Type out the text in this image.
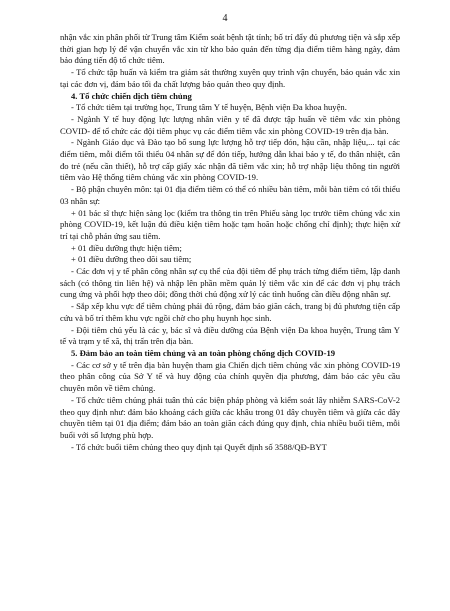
4

nhận vắc xin phân phối từ Trung tâm Kiểm soát bệnh tật tỉnh; bố trí đẩy đủ phương tiện và sắp xếp thời gian hợp lý để vận chuyển vắc xin từ kho bảo quản đến từng địa điểm tiêm hàng ngày, đảm bảo đúng tiến độ tổ chức tiêm.

- Tổ chức tập huấn và kiểm tra giám sát thường xuyên quy trình vận chuyển, bảo quản vắc xin tại các đơn vị, đảm bảo tối đa chất lượng bảo quản theo quy định.

4. Tổ chức chiến dịch tiêm chủng

- Tổ chức tiêm tại trường học, Trung tâm Y tế huyện, Bệnh viện Đa khoa huyện.

- Ngành Y tế huy động lực lượng nhân viên y tế đã được tập huấn về tiêm vắc xin phòng COVID- để tổ chức các đội tiêm phục vụ các điểm tiêm vắc xin phòng COVID-19 trên địa bàn.

- Ngành Giáo dục và Đào tạo bố sung lực lượng hỗ trợ tiếp đón, hậu cần, nhập liệu,... tại các điểm tiêm, mỗi điểm tối thiểu 04 nhân sự để đón tiếp, hướng dẫn khai báo y tế, đo thân nhiệt, cân đo trẻ (nếu cần thiết), hỗ trợ cấp giấy xác nhận đã tiêm vắc xin; hỗ trợ nhập liệu thông tin người tiêm vào Hệ thống tiêm chủng vắc xin phòng COVID-19.

- Bộ phận chuyên môn: tại 01 địa điểm tiêm có thể có nhiều bàn tiêm, mỗi bàn tiêm có tối thiểu 03 nhân sự:

+ 01 bác sĩ thực hiện sàng lọc (kiểm tra thông tin trên Phiếu sàng lọc trước tiêm chủng vắc xin phòng COVID-19, kết luận đủ điều kiện tiêm hoặc tạm hoãn hoặc chống chỉ định); thực hiện xử trí tại chỗ phản ứng sau tiêm.

+ 01 điều dưỡng thực hiện tiêm;

+ 01 điều dưỡng theo dõi sau tiêm;

- Các đơn vị y tế phân công nhân sự cụ thể của đội tiêm để phụ trách từng điểm tiêm, lập danh sách (có thông tin liên hệ) và nhập lên phần mềm quản lý tiêm vắc xin để các đơn vị phụ trách cung ứng và phối hợp theo dõi; đồng thời chủ động xử lý các tình huống cần điều động nhân sự.

- Sắp xếp khu vực để tiêm chủng phải đủ rộng, đảm bảo giãn cách, trang bị đủ phương tiện cấp cứu và bố trí thêm khu vực ngồi chờ cho phụ huynh học sinh.

- Đội tiêm chủ yếu là các y, bác sĩ và điều dưỡng của Bệnh viện Đa khoa huyện, Trung tâm Y tế và trạm y tế xã, thị trấn trên địa bàn.

5. Đảm bảo an toàn tiêm chủng và an toàn phòng chống dịch COVID-19

- Các cơ sở y tế trên địa bàn huyện tham gia Chiến dịch tiêm chủng vắc xin phòng COVID-19 theo phân công của Sở Y tế và huy động của chính quyền địa phương, đảm bảo các yêu cầu chuyên môn về tiêm chủng.

- Tổ chức tiêm chủng phải tuân thủ các biện pháp phòng và kiểm soát lây nhiễm SARS-CoV-2 theo quy định như: đảm bảo khoảng cách giữa các khâu trong 01 dây chuyền tiêm và giữa các dây chuyền tiêm tại 01 địa điểm; đảm bảo an toàn giãn cách đúng quy định, chia nhiều buổi tiêm, mỗi buổi với số lượng phù hợp.

- Tổ chức buổi tiêm chủng theo quy định tại Quyết định số 3588/QĐ-BYT
